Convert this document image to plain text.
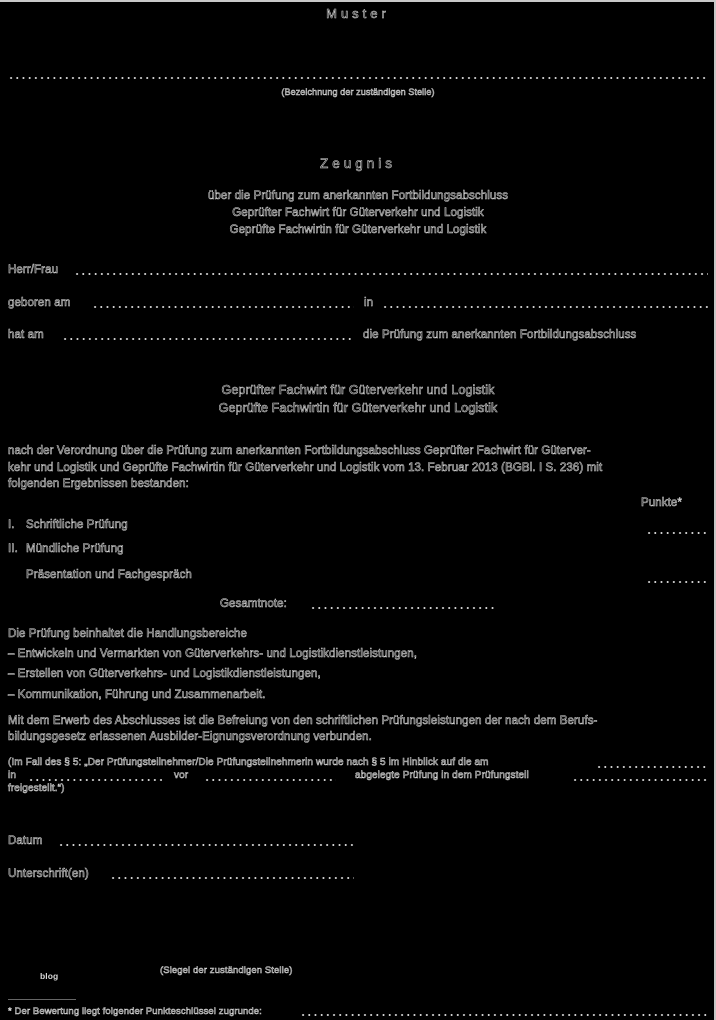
Muster
(Bezeichnung der zuständigen Stelle)
Zeugnis
über die Prüfung zum anerkannten Fortbildungsabschluss
Geprüfter Fachwirt für Güterverkehr und Logistik
Geprüfte Fachwirtin für Güterverkehr und Logistik
Herr/Frau
geboren am	in
hat am	die Prüfung zum anerkannten Fortbildungsabschluss
Geprüfter Fachwirt für Güterverkehr und Logistik
Geprüfte Fachwirtin für Güterverkehr und Logistik
nach der Verordnung über die Prüfung zum anerkannten Fortbildungsabschluss Geprüfter Fachwirt für Güterver-
kehr und Logistik und Geprüfte Fachwirtin für Güterverkehr und Logistik vom 13. Februar 2013 (BGBl. I S. 236) mit
folgenden Ergebnissen bestanden:
Punkte*
I. Schriftliche Prüfung
II. Mündliche Prüfung
Präsentation und Fachgespräch
Gesamtnote:
Die Prüfung beinhaltet die Handlungsbereiche
– Entwickeln und Vermarkten von Güterverkehrs- und Logistikdienstleistungen,
– Erstellen von Güterverkehrs- und Logistikdienstleistungen,
– Kommunikation, Führung und Zusammenarbeit.
Mit dem Erwerb des Abschlusses ist die Befreiung von den schriftlichen Prüfungsleistungen der nach dem Berufs-
bildungsgesetz erlassenen Ausbilder-Eignungsverordnung verbunden.
(Im Fall des § 5: „Der Prüfungsteilnehmer/Die Prüfungsteilnehmerin wurde nach § 5 im Hinblick auf die am
in	vor	abgelegte Prüfung in dem Prüfungsteil
freigestellt.“)
Datum
Unterschrift(en)
blog	(Siegel der zuständigen Stelle)
* Der Bewertung liegt folgender Punkteschlüssel zugrunde:
